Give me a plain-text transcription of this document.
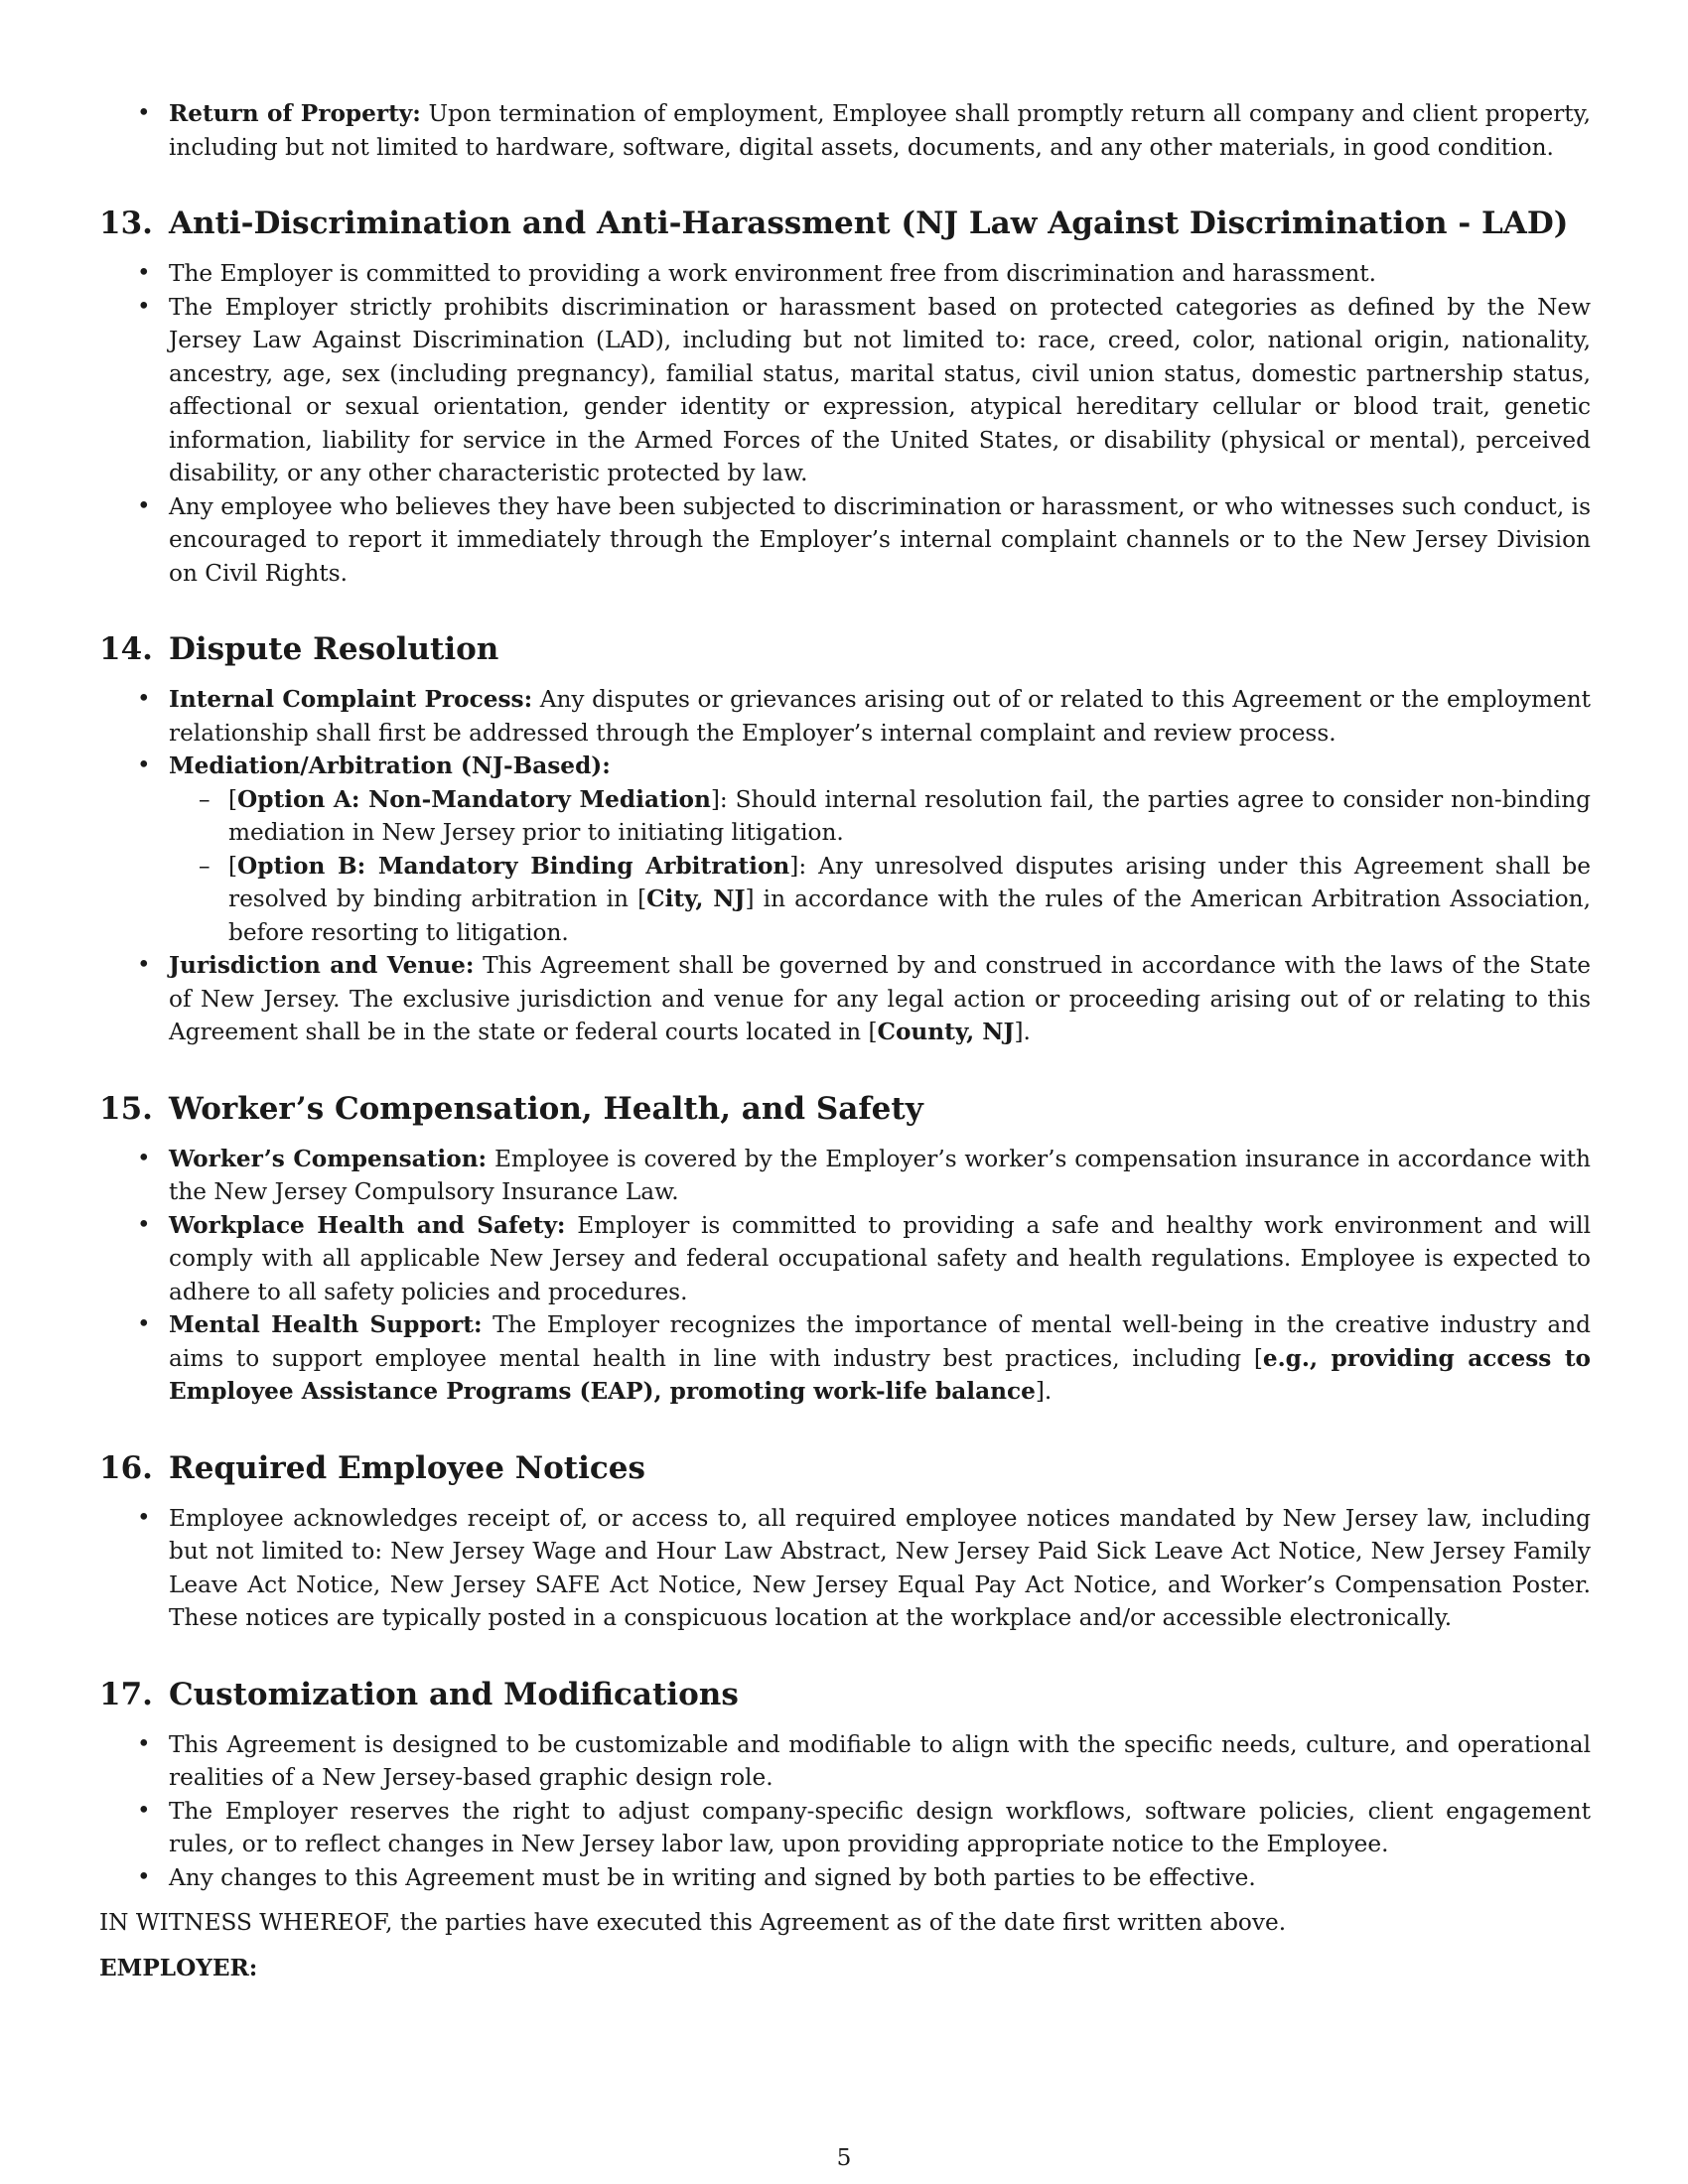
• Return of Property: Upon termination of employment, Employee shall promptly return all company and client property, including but not limited to hardware, software, digital assets, documents, and any other materials, in good condition.
13. Anti-Discrimination and Anti-Harassment (NJ Law Against Discrimination - LAD)
• The Employer is committed to providing a work environment free from discrimination and harassment.
• The Employer strictly prohibits discrimination or harassment based on protected categories as defined by the New Jersey Law Against Discrimination (LAD), including but not limited to: race, creed, color, national origin, nationality, ancestry, age, sex (including pregnancy), familial status, marital status, civil union status, domestic partnership status, affectional or sexual orientation, gender identity or expression, atypical hereditary cellular or blood trait, genetic information, liability for service in the Armed Forces of the United States, or disability (physical or mental), perceived disability, or any other characteristic protected by law.
• Any employee who believes they have been subjected to discrimination or harassment, or who witnesses such conduct, is encouraged to report it immediately through the Employer’s internal complaint channels or to the New Jersey Division on Civil Rights.
14. Dispute Resolution
• Internal Complaint Process: Any disputes or grievances arising out of or related to this Agreement or the employment relationship shall first be addressed through the Employer’s internal complaint and review process.
• Mediation/Arbitration (NJ-Based):
– [Option A: Non-Mandatory Mediation]: Should internal resolution fail, the parties agree to consider non-binding mediation in New Jersey prior to initiating litigation.
– [Option B: Mandatory Binding Arbitration]: Any unresolved disputes arising under this Agreement shall be resolved by binding arbitration in [City, NJ] in accordance with the rules of the American Arbitration Association, before resorting to litigation.
• Jurisdiction and Venue: This Agreement shall be governed by and construed in accordance with the laws of the State of New Jersey. The exclusive jurisdiction and venue for any legal action or proceeding arising out of or relating to this Agreement shall be in the state or federal courts located in [County, NJ].
15. Worker’s Compensation, Health, and Safety
• Worker’s Compensation: Employee is covered by the Employer’s worker’s compensation insurance in accordance with the New Jersey Compulsory Insurance Law.
• Workplace Health and Safety: Employer is committed to providing a safe and healthy work environment and will comply with all applicable New Jersey and federal occupational safety and health regulations. Employee is expected to adhere to all safety policies and procedures.
• Mental Health Support: The Employer recognizes the importance of mental well-being in the creative industry and aims to support employee mental health in line with industry best practices, including [e.g., providing access to Employee Assistance Programs (EAP), promoting work-life balance].
16. Required Employee Notices
• Employee acknowledges receipt of, or access to, all required employee notices mandated by New Jersey law, including but not limited to: New Jersey Wage and Hour Law Abstract, New Jersey Paid Sick Leave Act Notice, New Jersey Family Leave Act Notice, New Jersey SAFE Act Notice, New Jersey Equal Pay Act Notice, and Worker’s Compensation Poster. These notices are typically posted in a conspicuous location at the workplace and/or accessible electronically.
17. Customization and Modifications
• This Agreement is designed to be customizable and modifiable to align with the specific needs, culture, and operational realities of a New Jersey-based graphic design role.
• The Employer reserves the right to adjust company-specific design workflows, software policies, client engagement rules, or to reflect changes in New Jersey labor law, upon providing appropriate notice to the Employee.
• Any changes to this Agreement must be in writing and signed by both parties to be effective.

IN WITNESS WHEREOF, the parties have executed this Agreement as of the date first written above.

EMPLOYER:

5
